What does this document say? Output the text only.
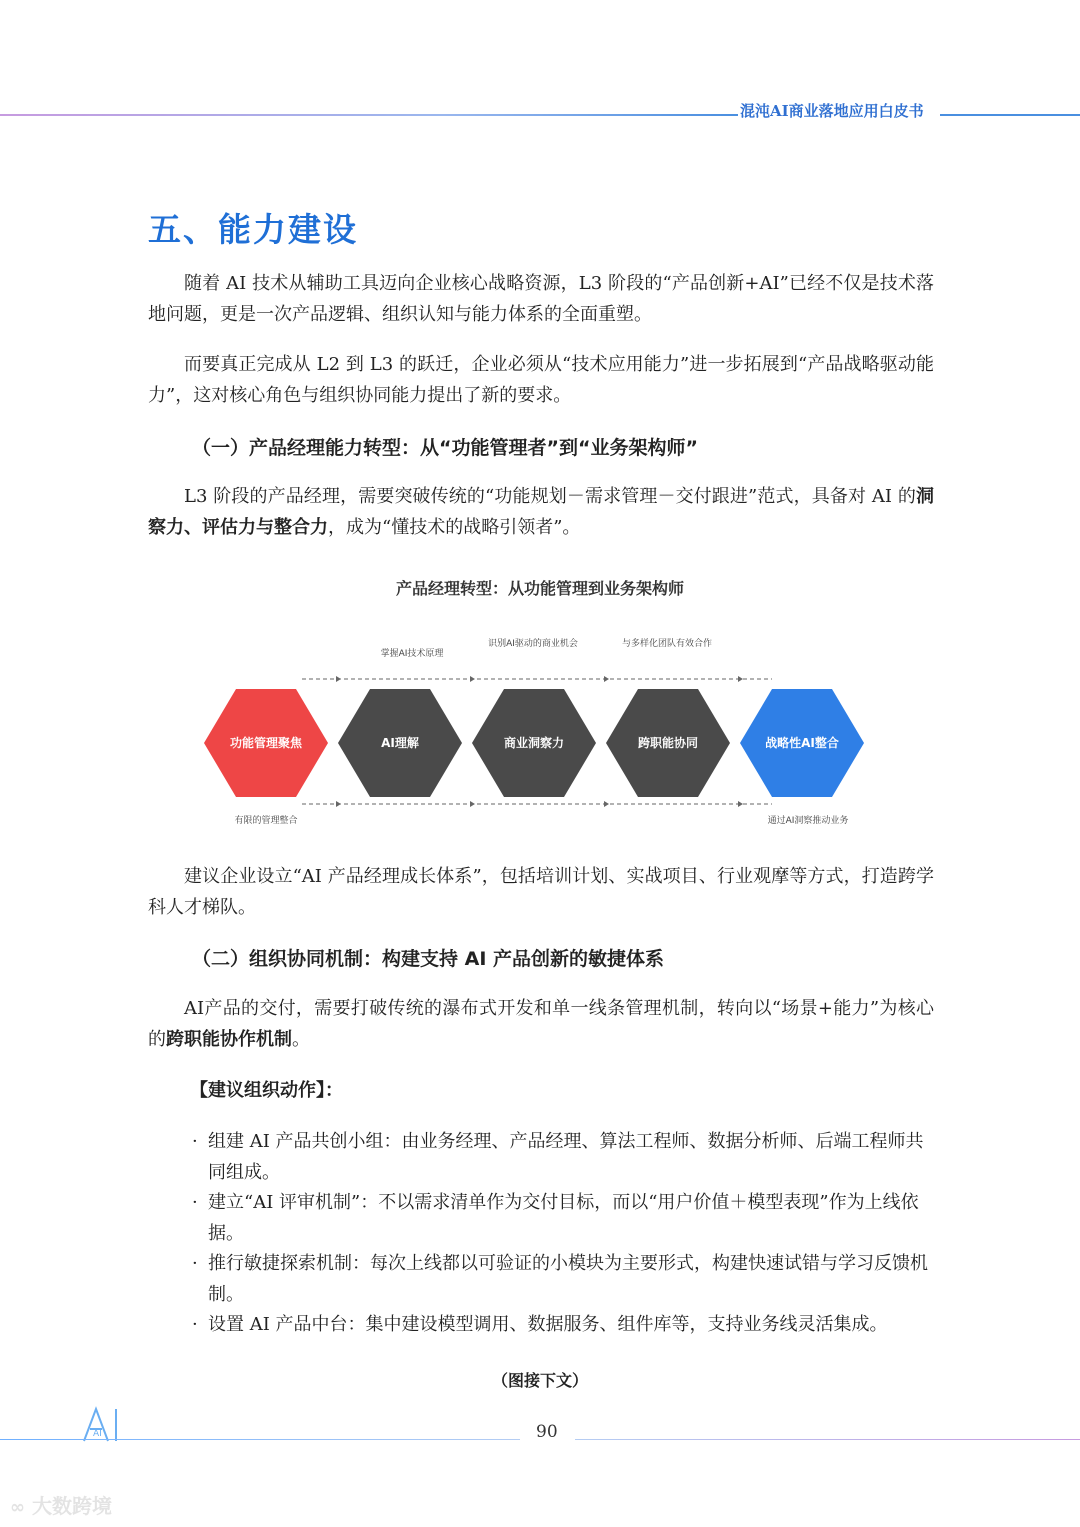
混沌AI商业落地应用白皮书
五、能力建设

随着 AI 技术从辅助工具迈向企业核心战略资源，L3 阶段的“产品创新+AI”已经不仅是技术落地问题，更是一次产品逻辑、组织认知与能力体系的全面重塑。

而要真正完成从 L2 到 L3 的跃迁，企业必须从“技术应用能力”进一步拓展到“产品战略驱动能力”，这对核心角色与组织协同能力提出了新的要求。

（一）产品经理能力转型：从“功能管理者”到“业务架构师”

L3 阶段的产品经理，需要突破传统的“功能规划－需求管理－交付跟进”范式，具备对 AI 的洞察力、评估力与整合力，成为“懂技术的战略引领者”。

产品经理转型：从功能管理到业务架构师
掌握AI技术原理
识别AI驱动的商业机会	与多样化团队有效合作
有限的管理整合	通过AI洞察推动业务
功能管理聚焦	AI理解	商业洞察力	跨职能协同	战略性AI整合

建议企业设立“AI 产品经理成长体系”，包括培训计划、实战项目、行业观摩等方式，打造跨学科人才梯队。

（二）组织协同机制：构建支持 AI 产品创新的敏捷体系

AI产品的交付，需要打破传统的瀑布式开发和单一线条管理机制，转向以“场景+能力”为核心的跨职能协作机制。

【建议组织动作】：
· 组建 AI 产品共创小组：由业务经理、产品经理、算法工程师、数据分析师、后端工程师共同组成。
· 建立“AI 评审机制”：不以需求清单作为交付目标，而以“用户价值＋模型表现”作为上线依据。
· 推行敏捷探索机制：每次上线都以可验证的小模块为主要形式，构建快速试错与学习反馈机制。
· 设置 AI 产品中台：集中建设模型调用、数据服务、组件库等，支持业务线灵活集成。
（图接下文）
AI	90
∞ 大数跨境
